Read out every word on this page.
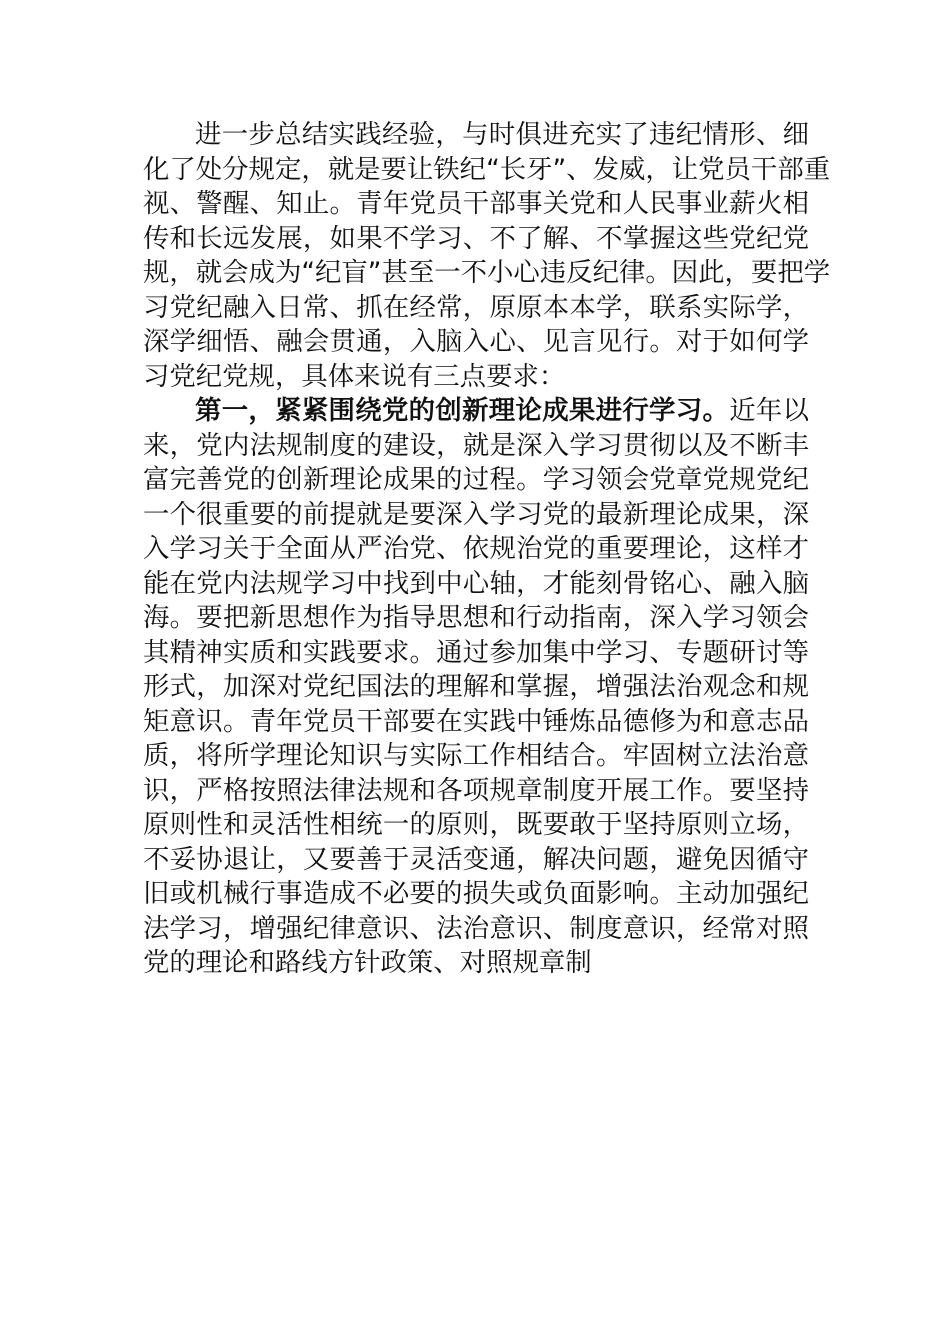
进一步总结实践经验，与时俱进充实了违纪情形、细
化了处分规定，就是要让铁纪“长牙”、发威，让党员干部重
视、警醒、知止。青年党员干部事关党和人民事业薪火相
传和长远发展，如果不学习、不了解、不掌握这些党纪党
规，就会成为“纪盲”甚至一不小心违反纪律。因此，要把学
习党纪融入日常、抓在经常，原原本本学，联系实际学，
深学细悟、融会贯通，入脑入心、见言见行。对于如何学
习党纪党规，具体来说有三点要求：
第一，紧紧围绕党的创新理论成果进行学习。近年以
来，党内法规制度的建设，就是深入学习贯彻以及不断丰
富完善党的创新理论成果的过程。学习领会党章党规党纪
一个很重要的前提就是要深入学习党的最新理论成果，深
入学习关于全面从严治党、依规治党的重要理论，这样才
能在党内法规学习中找到中心轴，才能刻骨铭心、融入脑
海。要把新思想作为指导思想和行动指南，深入学习领会
其精神实质和实践要求。通过参加集中学习、专题研讨等
形式，加深对党纪国法的理解和掌握，增强法治观念和规
矩意识。青年党员干部要在实践中锤炼品德修为和意志品
质，将所学理论知识与实际工作相结合。牢固树立法治意
识，严格按照法律法规和各项规章制度开展工作。要坚持
原则性和灵活性相统一的原则，既要敢于坚持原则立场，
不妥协退让，又要善于灵活变通，解决问题，避免因循守
旧或机械行事造成不必要的损失或负面影响。主动加强纪
法学习，增强纪律意识、法治意识、制度意识，经常对照
党的理论和路线方针政策、对照规章制
